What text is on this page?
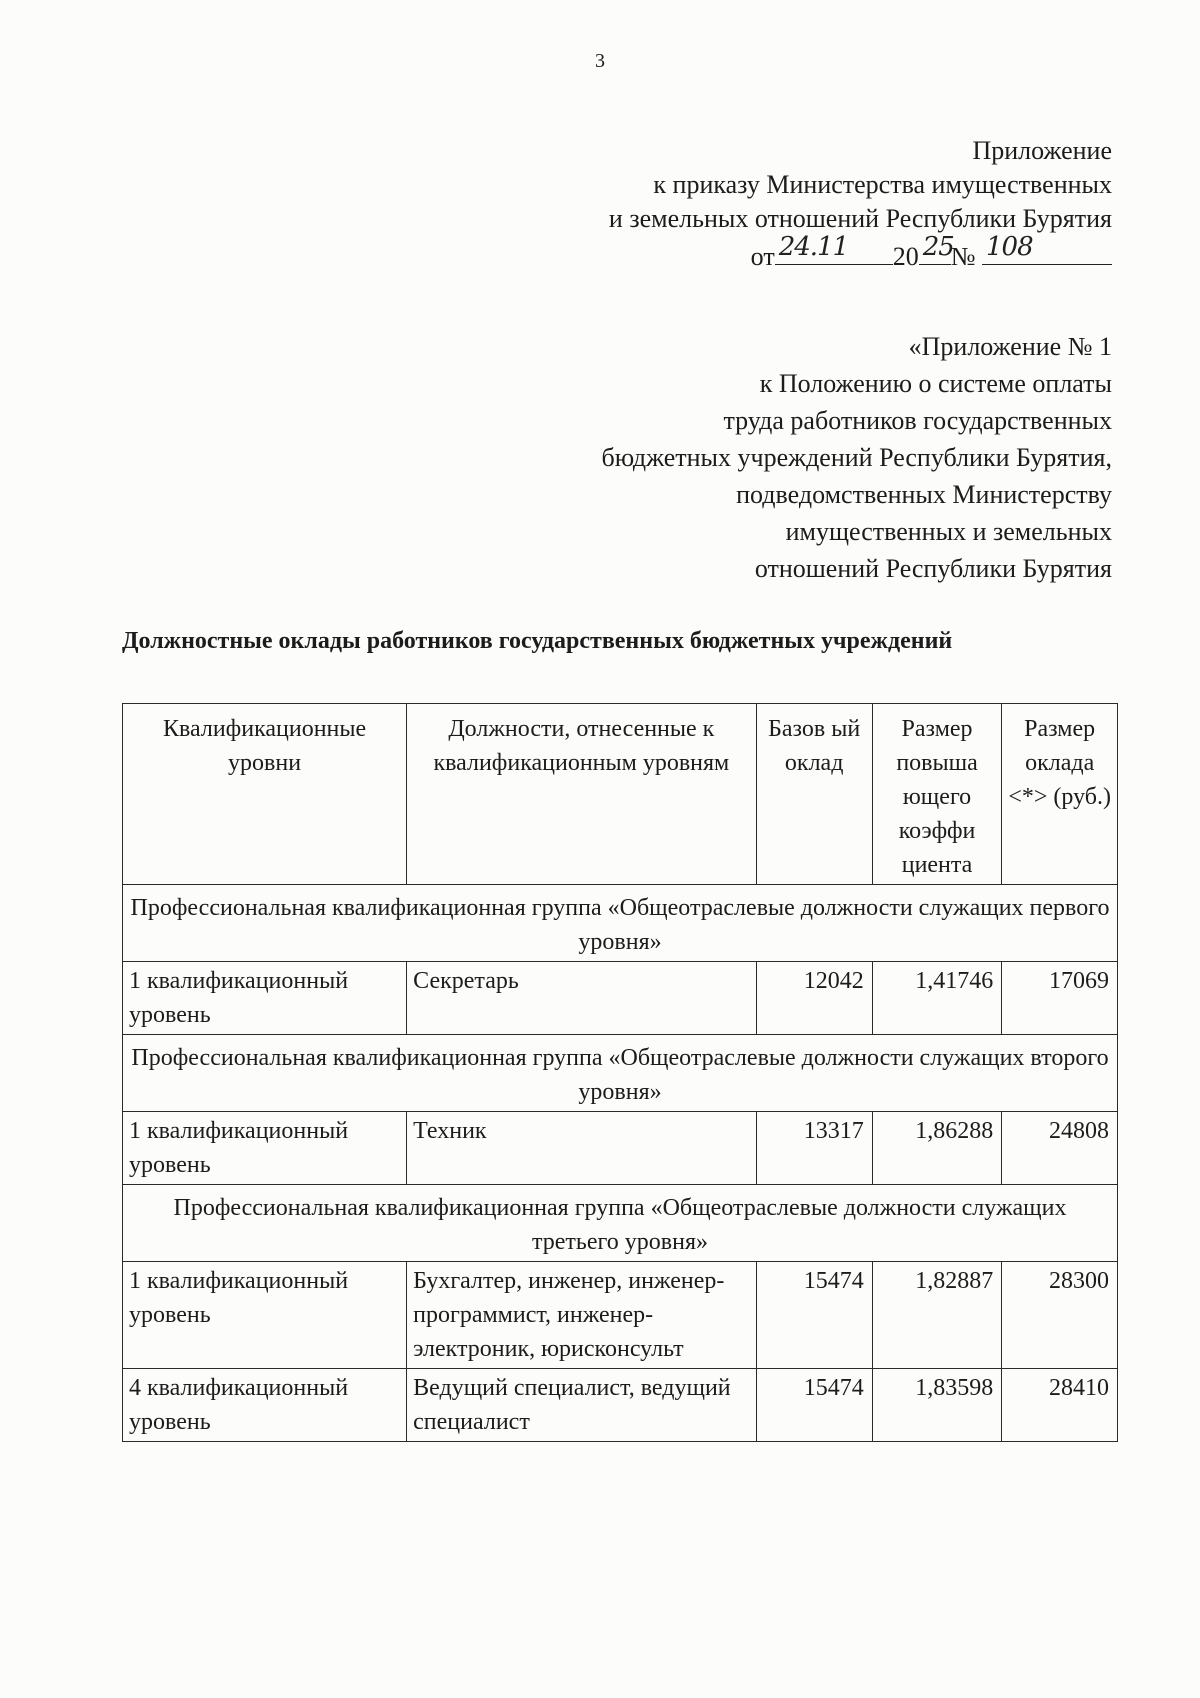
3
Приложение
к приказу Министерства имущественных
и земельных отношений Республики Бурятия
от 24.11 20 25
№ 108
«Приложение № 1
к Положению о системе оплаты
труда работников государственных
бюджетных учреждений Республики Бурятия,
подведомственных Министерству
имущественных и земельных
отношений Республики Бурятия
Должностные оклады работников государственных бюджетных учреждений
Квалификационные уровни	Должности, отнесенные к квалификационным уровням	Базов ый оклад	Размер повыша ющего коэффи циента	Размер оклада <*> (руб.)
Профессиональная квалификационная группа «Общеотраслевые должности служащих первого уровня»				
1 квалификационный уровень	Секретарь	12042	1,41746	17069
Профессиональная квалификационная группа «Общеотраслевые должности служащих второго уровня»				
1 квалификационный уровень	Техник	13317	1,86288	24808
Профессиональная квалификационная группа «Общеотраслевые должности служащих третьего уровня»				
1 квалификационный уровень	Бухгалтер, инженер, инженер-программист, инженер-электроник, юрисконсульт	15474	1,82887	28300
4 квалификационный уровень	Ведущий специалист, ведущий специалист	15474	1,83598	28410
